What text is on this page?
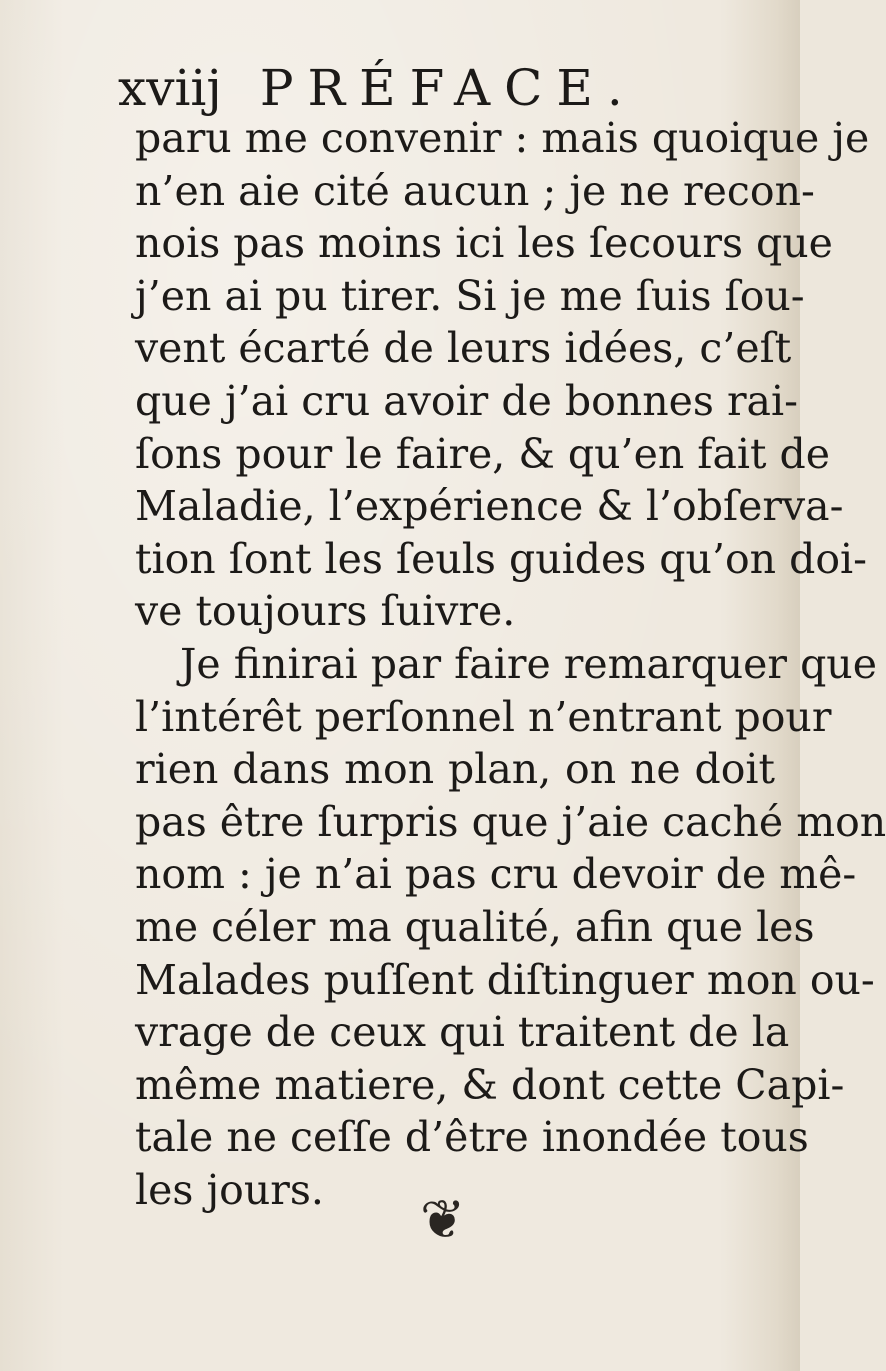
xviij PRÉFACE.
paru me convenir : mais quoique je
n’en aie cité aucun ; je ne recon-
nois pas moins ici les ſecours que
j’en ai pu tirer. Si je me ſuis ſou-
vent écarté de leurs idées, c’eſt
que j’ai cru avoir de bonnes rai-
ſons pour le faire, & qu’en fait de
Maladie, l’expérience & l’obſerva-
tion ſont les ſeuls guides qu’on doi-
ve toujours ſuivre.
Je finirai par faire remarquer que
l’intérêt perſonnel n’entrant pour
rien dans mon plan, on ne doit
pas être ſurpris que j’aie caché mon
nom : je n’ai pas cru devoir de mê-
me céler ma qualité, afin que les
Malades puſſent diſtinguer mon ou-
vrage de ceux qui traitent de la
même matiere, & dont cette Capi-
tale ne ceſſe d’être inondée tous
les jours.	❦
